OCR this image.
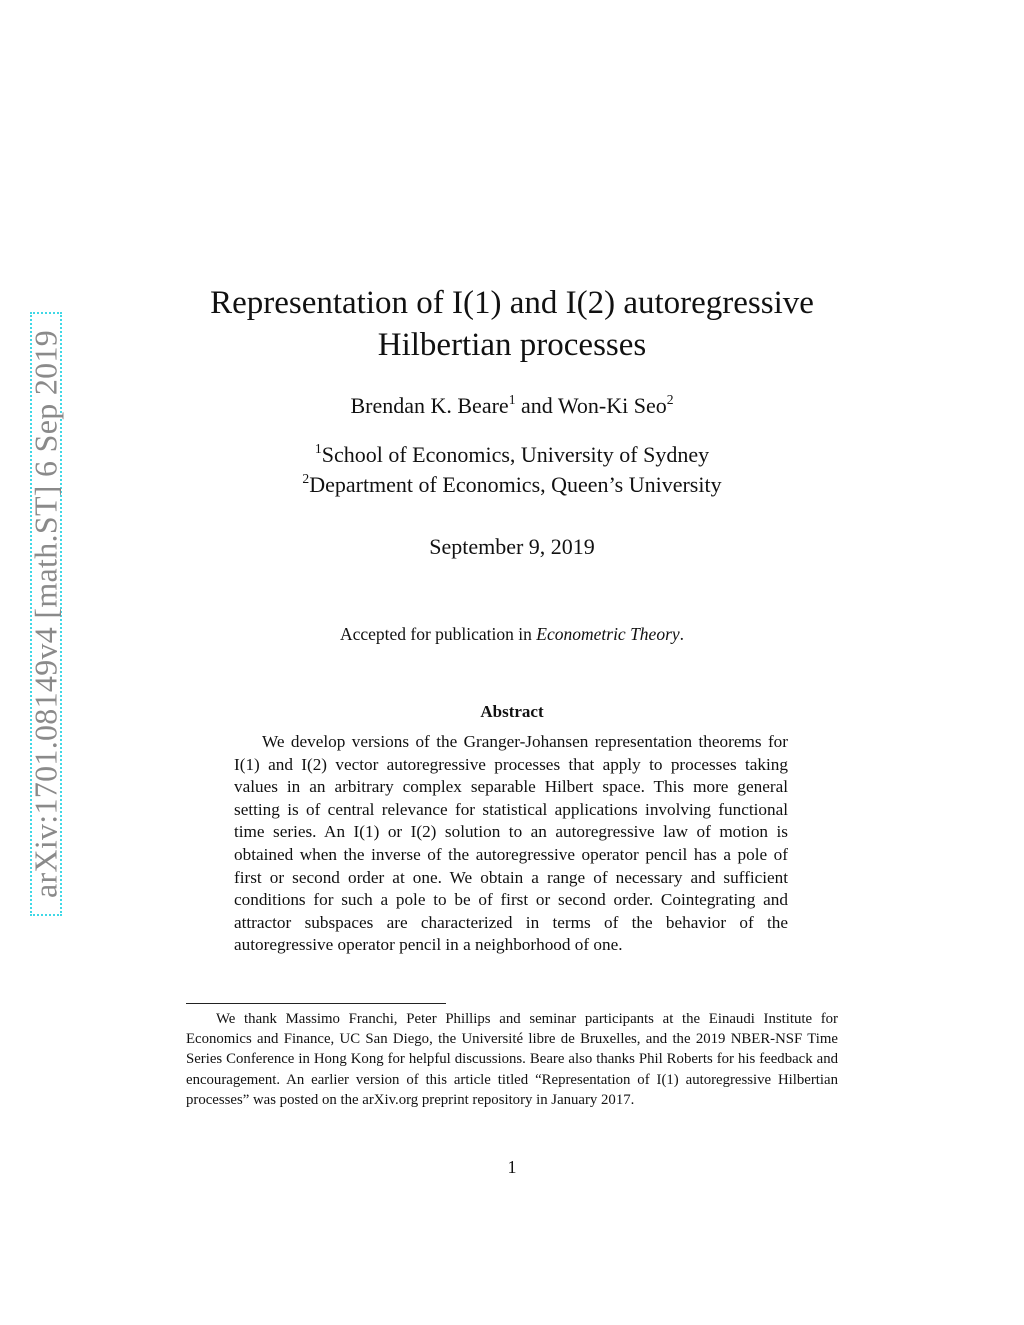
arXiv:1701.08149v4 [math.ST] 6 Sep 2019
Representation of I(1) and I(2) autoregressive
Hilbertian processes
Brendan K. Beare$^1$ and Won-Ki Seo$^2$
$^1$School of Economics, University of Sydney
$^2$Department of Economics, Queen’s University
September 9, 2019
Accepted for publication in Econometric Theory.
Abstract
We develop versions of the Granger-Johansen representation theorems for I(1) and I(2) vector autoregressive processes that apply to processes taking values in an arbitrary complex separable Hilbert space. This more general setting is of central relevance for statistical applications involving functional time series. An I(1) or I(2) solution to an autoregressive law of motion is obtained when the inverse of the autoregressive operator pencil has a pole of first or second order at one. We obtain a range of necessary and sufficient conditions for such a pole to be of first or second order. Cointegrating and attractor subspaces are characterized in terms of the behavior of the autoregressive operator pencil in a neighborhood of one.
We thank Massimo Franchi, Peter Phillips and seminar participants at the Einaudi Institute for Economics and Finance, UC San Diego, the Université libre de Bruxelles, and the 2019 NBER-NSF Time Series Conference in Hong Kong for helpful discussions. Beare also thanks Phil Roberts for his feedback and encouragement. An earlier version of this article titled “Representation of I(1) autoregressive Hilbertian processes” was posted on the arXiv.org preprint repository in January 2017.
1
